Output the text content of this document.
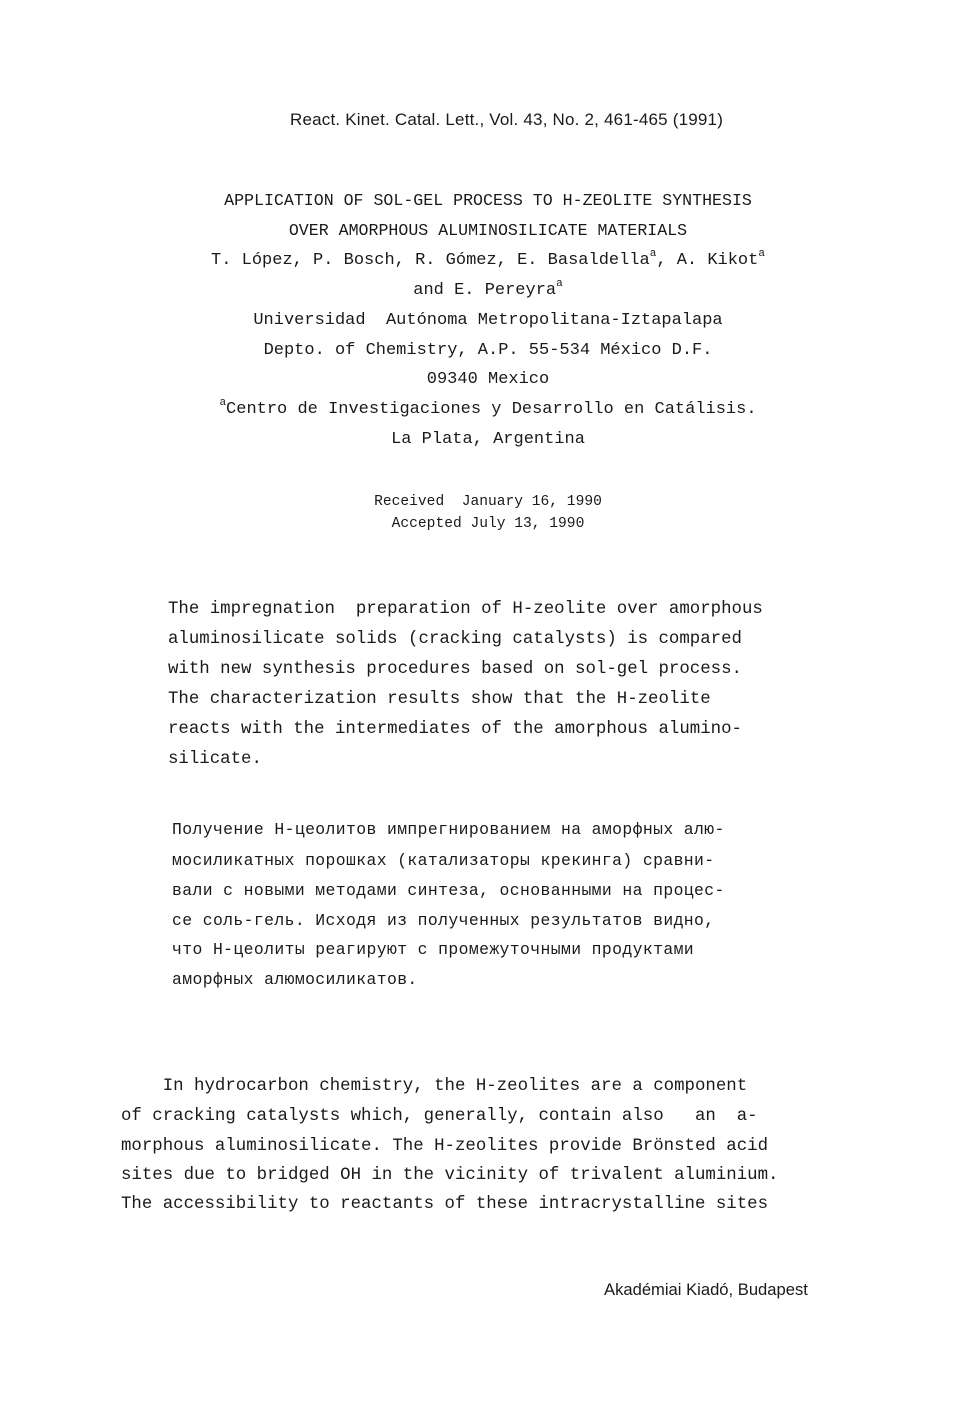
React. Kinet. Catal. Lett., Vol. 43, No. 2, 461-465 (1991)
APPLICATION OF SOL-GEL PROCESS TO H-ZEOLITE SYNTHESIS
OVER AMORPHOUS ALUMINOSILICATE MATERIALS
T. López, P. Bosch, R. Gómez, E. Basaldella$^a$, A. Kikot$^a$
and E. Pereyra$^a$
Universidad  Autónoma Metropolitana-Iztapalapa
Depto. of Chemistry, A.P. 55-534 México D.F.
09340 Mexico
$^a$Centro de Investigaciones y Desarrollo en Catálisis.
La Plata, Argentina
Received  January 16, 1990
Accepted July 13, 1990
The impregnation  preparation of H-zeolite over amorphous
aluminosilicate solids (cracking catalysts) is compared
with new synthesis procedures based on sol-gel process.
The characterization results show that the H-zeolite
reacts with the intermediates of the amorphous alumino-
silicate.
Получение Н-цеолитов импрегнированием на аморфных алю-
мосиликатных порошках (катализаторы крекинга) сравни-
вали с новыми методами синтеза, основанными на процес-
се соль-гель. Исходя из полученных результатов видно,
что Н-цеолиты реагируют с промежуточными продуктами
аморфных алюмосиликатов.
In hydrocarbon chemistry, the H-zeolites are a component
of cracking catalysts which, generally, contain also   an  a-
morphous aluminosilicate. The H-zeolites provide Brönsted acid
sites due to bridged OH in the vicinity of trivalent aluminium.
The accessibility to reactants of these intracrystalline sites
Akadémiai Kiadó, Budapest
